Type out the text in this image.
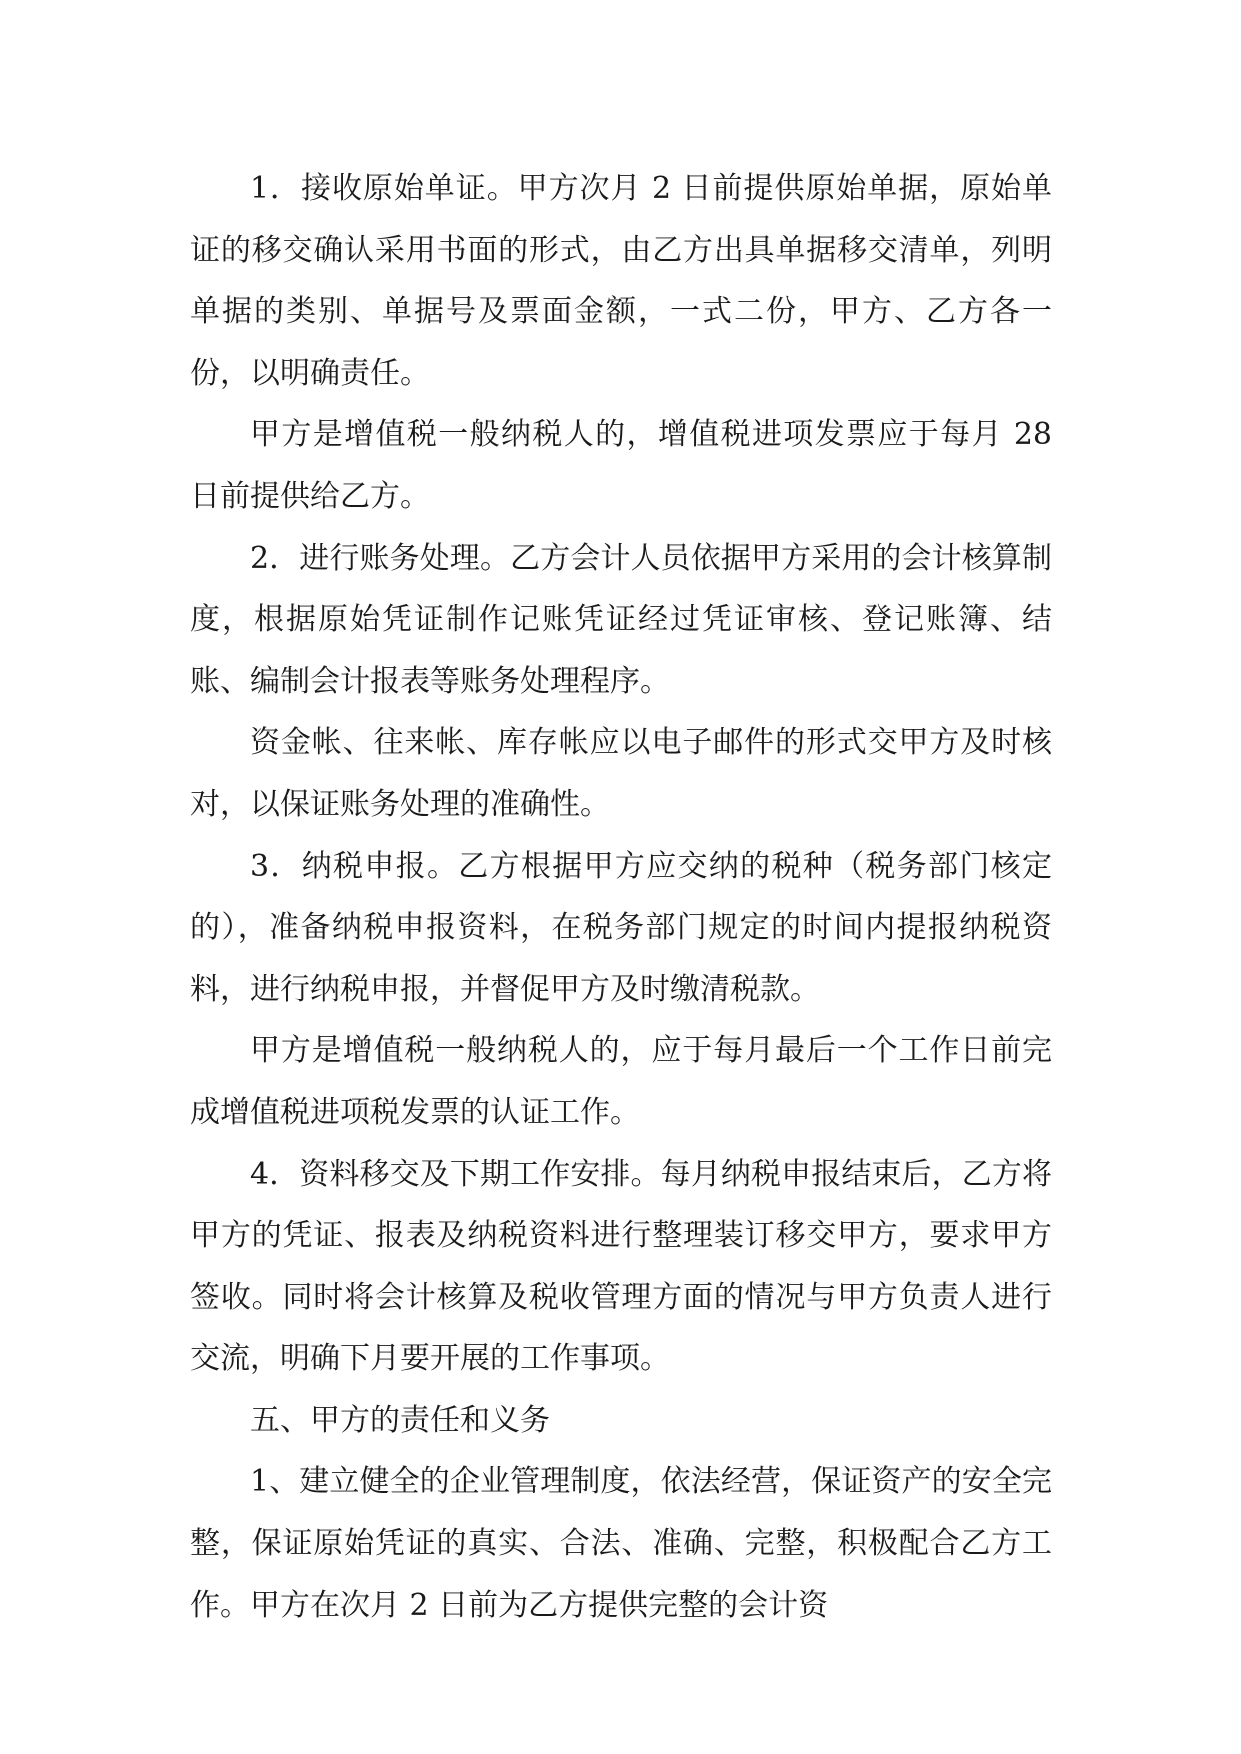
1．接收原始单证。甲方次月 2 日前提供原始单据，原始单证的移交确认采用书面的形式，由乙方出具单据移交清单，列明单据的类别、单据号及票面金额，一式二份，甲方、乙方各一份，以明确责任。

甲方是增值税一般纳税人的，增值税进项发票应于每月 28 日前提供给乙方。

2．进行账务处理。乙方会计人员依据甲方采用的会计核算制度，根据原始凭证制作记账凭证经过凭证审核、登记账簿、结账、编制会计报表等账务处理程序。

资金帐、往来帐、库存帐应以电子邮件的形式交甲方及时核对，以保证账务处理的准确性。

3．纳税申报。乙方根据甲方应交纳的税种（税务部门核定的），准备纳税申报资料，在税务部门规定的时间内提报纳税资料，进行纳税申报，并督促甲方及时缴清税款。

甲方是增值税一般纳税人的，应于每月最后一个工作日前完成增值税进项税发票的认证工作。

4．资料移交及下期工作安排。每月纳税申报结束后，乙方将甲方的凭证、报表及纳税资料进行整理装订移交甲方，要求甲方签收。同时将会计核算及税收管理方面的情况与甲方负责人进行交流，明确下月要开展的工作事项。

五、甲方的责任和义务

1、建立健全的企业管理制度，依法经营，保证资产的安全完整，保证原始凭证的真实、合法、准确、完整，积极配合乙方工作。甲方在次月 2 日前为乙方提供完整的会计资
